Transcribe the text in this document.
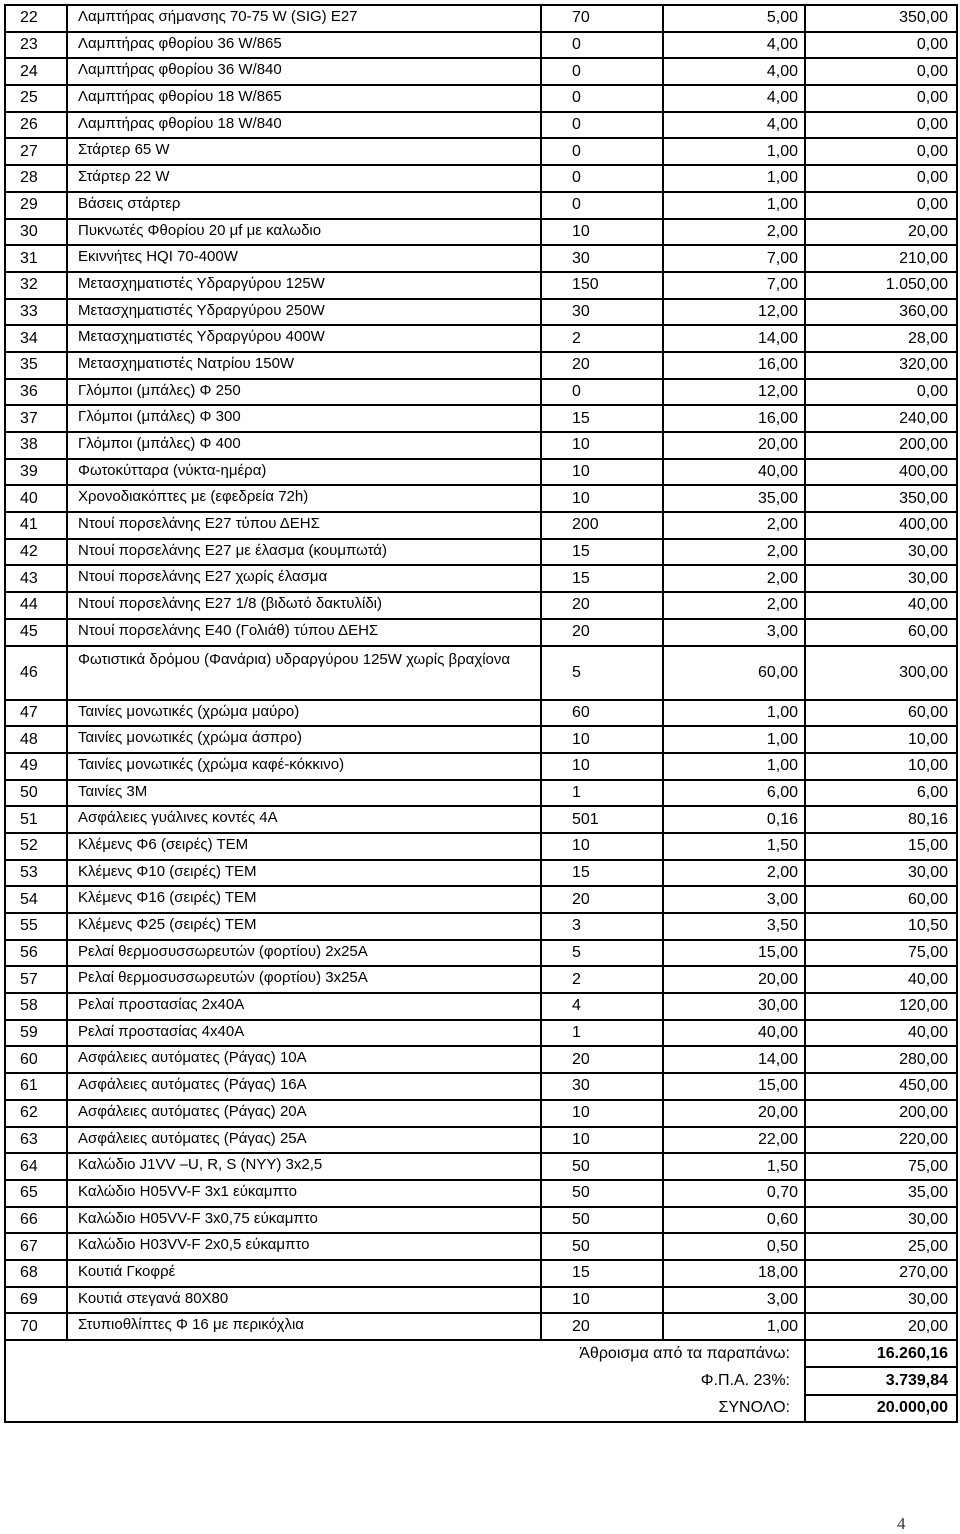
22	Λαμπτήρας σήμανσης 70-75 W (SIG) E27	70	5,00	350,00
23	Λαμπτήρας φθορίου 36 W/865	0	4,00	0,00
24	Λαμπτήρας φθορίου 36 W/840	0	4,00	0,00
25	Λαμπτήρας φθορίου 18 W/865	0	4,00	0,00
26	Λαμπτήρας φθορίου 18 W/840	0	4,00	0,00
27	Στάρτερ 65 W	0	1,00	0,00
28	Στάρτερ 22 W	0	1,00	0,00
29	Βάσεις στάρτερ	0	1,00	0,00
30	Πυκνωτές Φθορίου 20 μf με καλωδιο	10	2,00	20,00
31	Εκιννήτες HQI 70-400W	30	7,00	210,00
32	Μετασχηματιστές Υδραργύρου 125W	150	7,00	1.050,00
33	Μετασχηματιστές Υδραργύρου 250W	30	12,00	360,00
34	Μετασχηματιστές Υδραργύρου 400W	2	14,00	28,00
35	Μετασχηματιστές Νατρίου 150W	20	16,00	320,00
36	Γλόμποι (μπάλες) Φ 250	0	12,00	0,00
37	Γλόμποι (μπάλες) Φ 300	15	16,00	240,00
38	Γλόμποι (μπάλες) Φ 400	10	20,00	200,00
39	Φωτοκύτταρα (νύκτα-ημέρα)	10	40,00	400,00
40	Χρονοδιακόπτες με (εφεδρεία 72h)	10	35,00	350,00
41	Ντουί πορσελάνης Ε27 τύπου ΔΕΗΣ	200	2,00	400,00
42	Ντουί πορσελάνης Ε27 με έλασμα (κουμπωτά)	15	2,00	30,00
43	Ντουί πορσελάνης Ε27 χωρίς έλασμα	15	2,00	30,00
44	Ντουί πορσελάνης Ε27 1/8 (βιδωτό δακτυλίδι)	20	2,00	40,00
45	Ντουί πορσελάνης Ε40 (Γολιάθ) τύπου ΔΕΗΣ	20	3,00	60,00
46	Φωτιστικά δρόμου (Φανάρια) υδραργύρου 125W χωρίς βραχίονα	5	60,00	300,00
47	Ταινίες μονωτικές (χρώμα μαύρο)	60	1,00	60,00
48	Ταινίες μονωτικές (χρώμα άσπρο)	10	1,00	10,00
49	Ταινίες μονωτικές (χρώμα καφέ-κόκκινο)	10	1,00	10,00
50	Ταινίες 3Μ	1	6,00	6,00
51	Ασφάλειες γυάλινες κοντές 4Α	501	0,16	80,16
52	Κλέμενς Φ6 (σειρές) ΤΕΜ	10	1,50	15,00
53	Κλέμενς Φ10 (σειρές) ΤΕΜ	15	2,00	30,00
54	Κλέμενς Φ16 (σειρές) ΤΕΜ	20	3,00	60,00
55	Κλέμενς Φ25 (σειρές) ΤΕΜ	3	3,50	10,50
56	Ρελαί θερμοσυσσωρευτών (φορτίου) 2x25A	5	15,00	75,00
57	Ρελαί θερμοσυσσωρευτών (φορτίου) 3x25A	2	20,00	40,00
58	Ρελαί προστασίας 2x40A	4	30,00	120,00
59	Ρελαί προστασίας 4x40A	1	40,00	40,00
60	Ασφάλειες αυτόματες (Ράγας) 10Α	20	14,00	280,00
61	Ασφάλειες αυτόματες (Ράγας) 16Α	30	15,00	450,00
62	Ασφάλειες αυτόματες (Ράγας) 20Α	10	20,00	200,00
63	Ασφάλειες αυτόματες (Ράγας) 25Α	10	22,00	220,00
64	Καλώδιο J1VV –U, R, S (NYY) 3x2,5	50	1,50	75,00
65	Καλώδιο H05VV-F 3x1 εύκαμπτο	50	0,70	35,00
66	Καλώδιο H05VV-F 3x0,75 εύκαμπτο	50	0,60	30,00
67	Καλώδιο H03VV-F 2x0,5 εύκαμπτο	50	0,50	25,00
68	Κουτιά Γκοφρέ	15	18,00	270,00
69	Κουτιά στεγανά 80Χ80	10	3,00	30,00
70	Στυπιοθλίπτες Φ 16 με περικόχλια	20	1,00	20,00
		Άθροισμα από τα παραπάνω:		16.260,16
		Φ.Π.Α. 23%:		3.739,84
		ΣΥΝΟΛΟ:		20.000,00
4
